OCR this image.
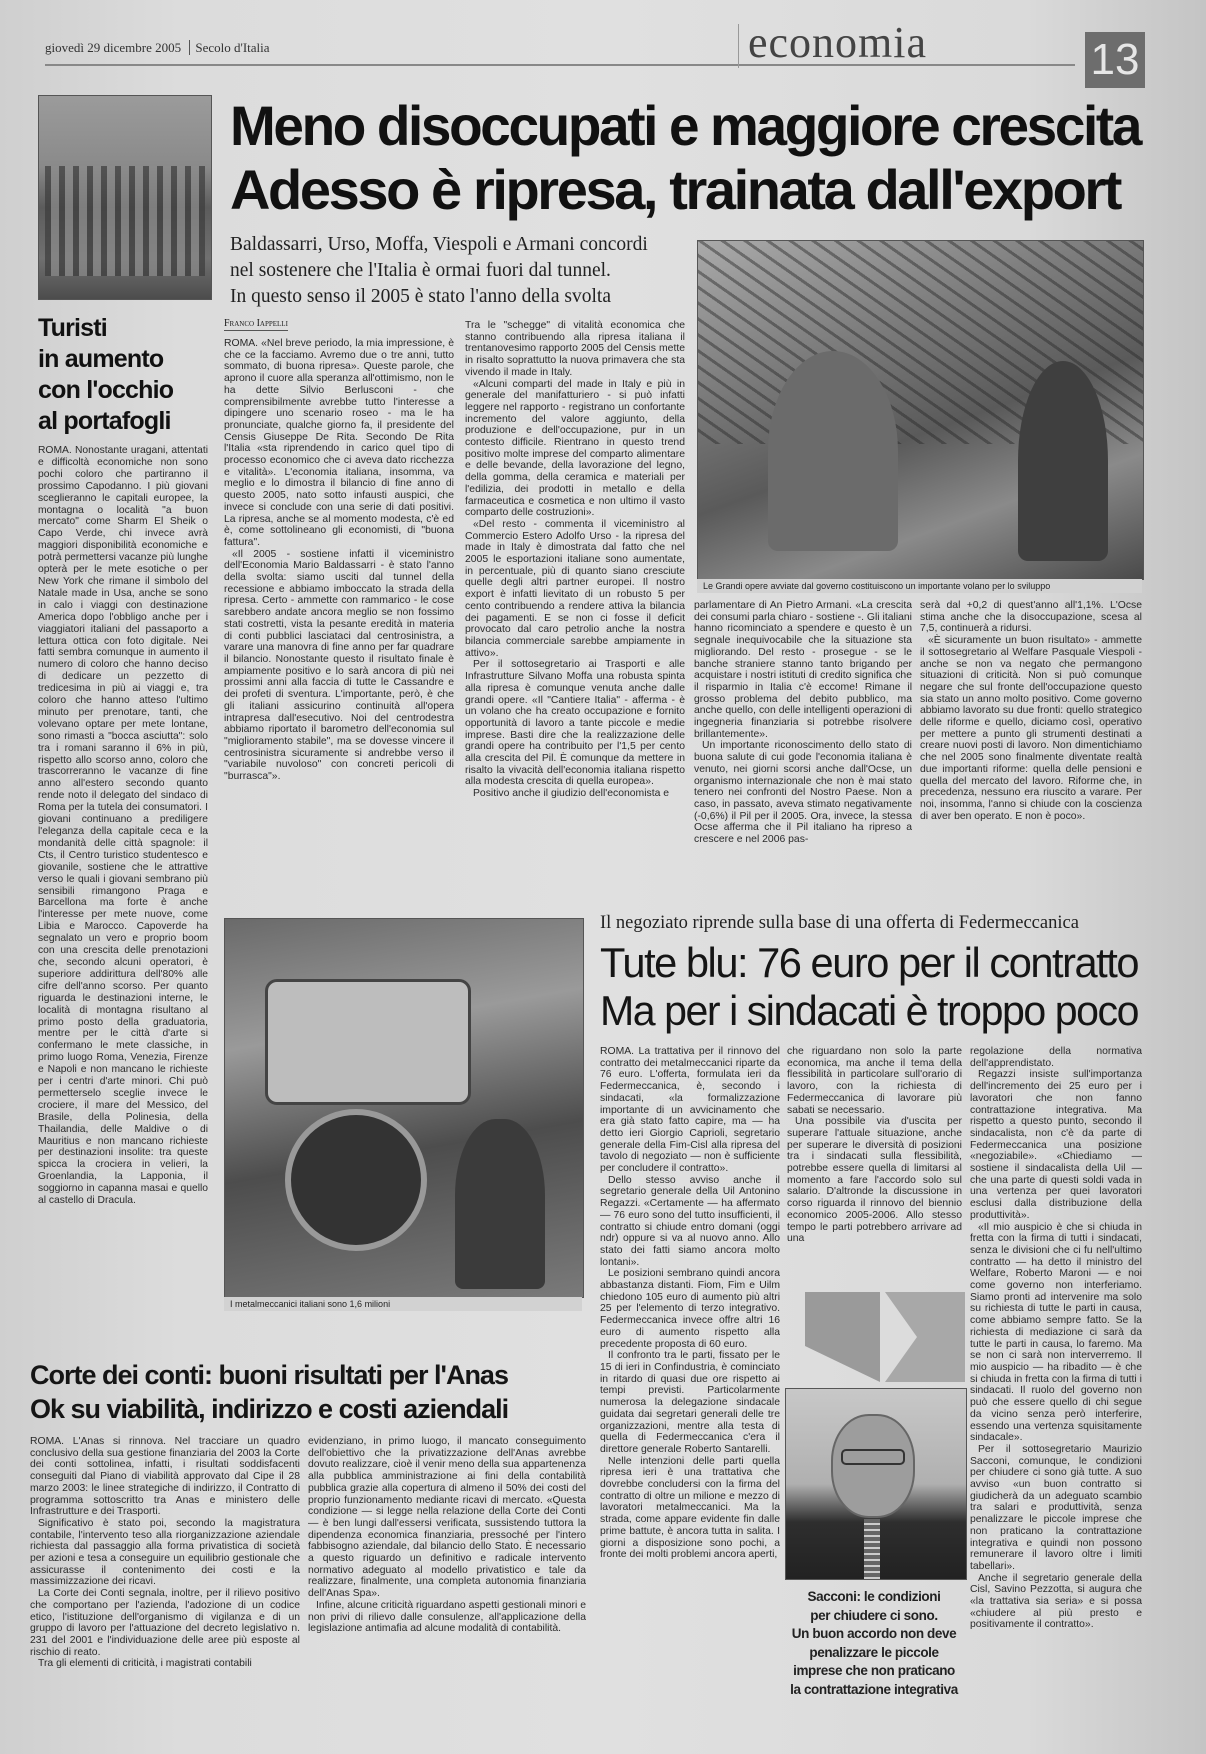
giovedì 29 dicembre 2005 Secolo d'Italia	economia	13
Meno disoccupati e maggiore crescita
Adesso è ripresa, trainata dall'export
Baldassarri, Urso, Moffa, Viespoli e Armani concordi
nel sostenere che l'Italia è ormai fuori dal tunnel.
In questo senso il 2005 è stato l'anno della svolta
Le Grandi opere avviate dal governo costituiscono un importante volano per lo sviluppo
Turisti
in aumento
con l'occhio
al portafogli

ROMA. Nonostante uragani, attentati e difficoltà economiche non sono pochi coloro che partiranno il prossimo Capodanno. I più giovani sceglieranno le capitali europee, la montagna o località "a buon mercato" come Sharm El Sheik o Capo Verde, chi invece avrà maggiori disponibilità economiche e potrà permettersi vacanze più lunghe opterà per le mete esotiche o per New York che rimane il simbolo del Natale made in Usa, anche se sono in calo i viaggi con destinazione America dopo l'obbligo anche per i viaggiatori italiani del passaporto a lettura ottica con foto digitale. Nei fatti sembra comunque in aumento il numero di coloro che hanno deciso di dedicare un pezzetto di tredicesima in più ai viaggi e, tra coloro che hanno atteso l'ultimo minuto per prenotare, tanti, che volevano optare per mete lontane, sono rimasti a "bocca asciutta": solo tra i romani saranno il 6% in più, rispetto allo scorso anno, coloro che trascorreranno le vacanze di fine anno all'estero secondo quanto rende noto il delegato del sindaco di Roma per la tutela dei consumatori. I giovani continuano a prediligere l'eleganza della capitale ceca e la mondanità delle città spagnole: il Cts, il Centro turistico studentesco e giovanile, sostiene che le attrattive verso le quali i giovani sembrano più sensibili rimangono Praga e Barcellona ma forte è anche l'interesse per mete nuove, come Libia e Marocco. Capoverde ha segnalato un vero e proprio boom con una crescita delle prenotazioni che, secondo alcuni operatori, è superiore addirittura dell'80% alle cifre dell'anno scorso. Per quanto riguarda le destinazioni interne, le località di montagna risultano al primo posto della graduatoria, mentre per le città d'arte si confermano le mete classiche, in primo luogo Roma, Venezia, Firenze e Napoli e non mancano le richieste per i centri d'arte minori. Chi può permetterselo sceglie invece le crociere, il mare del Messico, del Brasile, della Polinesia, della Thailandia, delle Maldive o di Mauritius e non mancano richieste per destinazioni insolite: tra queste spicca la crociera in velieri, la Groenlandia, la Lapponia, il soggiorno in capanna masai e quello al castello di Dracula.

Franco Iappelli

ROMA. «Nel breve periodo, la mia impressione, è che ce la facciamo. Avremo due o tre anni, tutto sommato, di buona ripresa». Queste parole, che aprono il cuore alla speranza all'ottimismo, non le ha dette Silvio Berlusconi - che comprensibilmente avrebbe tutto l'interesse a dipingere uno scenario roseo - ma le ha pronunciate, qualche giorno fa, il presidente del Censis Giuseppe De Rita. Secondo De Rita l'Italia «sta riprendendo in carico quel tipo di processo economico che ci aveva dato ricchezza e vitalità». L'economia italiana, insomma, va meglio e lo dimostra il bilancio di fine anno di questo 2005, nato sotto infausti auspici, che invece si conclude con una serie di dati positivi. La ripresa, anche se al momento modesta, c'è ed è, come sottolineano gli economisti, di "buona fattura".

«Il 2005 - sostiene infatti il viceministro dell'Economia Mario Baldassarri - è stato l'anno della svolta: siamo usciti dal tunnel della recessione e abbiamo imboccato la strada della ripresa. Certo - ammette con rammarico - le cose sarebbero andate ancora meglio se non fossimo stati costretti, vista la pesante eredità in materia di conti pubblici lasciataci dal centrosinistra, a varare una manovra di fine anno per far quadrare il bilancio. Nonostante questo il risultato finale è ampiamente positivo e lo sarà ancora di più nei prossimi anni alla faccia di tutte le Cassandre e dei profeti di sventura. L'importante, però, è che gli italiani assicurino continuità all'opera intrapresa dall'esecutivo. Noi del centrodestra abbiamo riportato il barometro dell'economia sul "miglioramento stabile", ma se dovesse vincere il centrosinistra sicuramente si andrebbe verso il "variabile nuvoloso" con concreti pericoli di "burrasca"».

Tra le "schegge" di vitalità economica che stanno contribuendo alla ripresa italiana il trentanovesimo rapporto 2005 del Censis mette in risalto soprattutto la nuova primavera che sta vivendo il made in Italy.

«Alcuni comparti del made in Italy e più in generale del manifatturiero - si può infatti leggere nel rapporto - registrano un confortante incremento del valore aggiunto, della produzione e dell'occupazione, pur in un contesto difficile. Rientrano in questo trend positivo molte imprese del comparto alimentare e delle bevande, della lavorazione del legno, della gomma, della ceramica e materiali per l'edilizia, dei prodotti in metallo e della farmaceutica e cosmetica e non ultimo il vasto comparto delle costruzioni».

«Del resto - commenta il viceministro al Commercio Estero Adolfo Urso - la ripresa del made in Italy è dimostrata dal fatto che nel 2005 le esportazioni italiane sono aumentate, in percentuale, più di quanto siano cresciute quelle degli altri partner europei. Il nostro export è infatti lievitato di un robusto 5 per cento contribuendo a rendere attiva la bilancia dei pagamenti. E se non ci fosse il deficit provocato dal caro petrolio anche la nostra bilancia commerciale sarebbe ampiamente in attivo».

Per il sottosegretario ai Trasporti e alle Infrastrutture Silvano Moffa una robusta spinta alla ripresa è comunque venuta anche dalle grandi opere. «Il "Cantiere Italia" - afferma - è un volano che ha creato occupazione e fornito opportunità di lavoro a tante piccole e medie imprese. Basti dire che la realizzazione delle grandi opere ha contribuito per l'1,5 per cento alla crescita del Pil. È comunque da mettere in risalto la vivacità dell'economia italiana rispetto alla modesta crescita di quella europea».

Positivo anche il giudizio dell'economista e

parlamentare di An Pietro Armani. «La crescita dei consumi parla chiaro - sostiene -. Gli italiani hanno ricominciato a spendere e questo è un segnale inequivocabile che la situazione sta migliorando. Del resto - prosegue - se le banche straniere stanno tanto brigando per acquistare i nostri istituti di credito significa che il risparmio in Italia c'è eccome! Rimane il grosso problema del debito pubblico, ma anche quello, con delle intelligenti operazioni di ingegneria finanziaria si potrebbe risolvere brillantemente».

Un importante riconoscimento dello stato di buona salute di cui gode l'economia italiana è venuto, nei giorni scorsi anche dall'Ocse, un organismo internazionale che non è mai stato tenero nei confronti del Nostro Paese. Non a caso, in passato, aveva stimato negativamente (-0,6%) il Pil per il 2005. Ora, invece, la stessa Ocse afferma che il Pil italiano ha ripreso a crescere e nel 2006 pas-

serà dal +0,2 di quest'anno all'1,1%. L'Ocse stima anche che la disoccupazione, scesa al 7,5, continuerà a ridursi.

«È sicuramente un buon risultato» - ammette il sottosegretario al Welfare Pasquale Viespoli - anche se non va negato che permangono situazioni di criticità. Non si può comunque negare che sul fronte dell'occupazione questo sia stato un anno molto positivo. Come governo abbiamo lavorato su due fronti: quello strategico delle riforme e quello, diciamo così, operativo per mettere a punto gli strumenti destinati a creare nuovi posti di lavoro. Non dimentichiamo che nel 2005 sono finalmente diventate realtà due importanti riforme: quella delle pensioni e quella del mercato del lavoro. Riforme che, in precedenza, nessuno era riuscito a varare. Per noi, insomma, l'anno si chiude con la coscienza di aver ben operato. E non è poco».

I metalmeccanici italiani sono 1,6 milioni
Il negoziato riprende sulla base di una offerta di Federmeccanica
Tute blu: 76 euro per il contratto
Ma per i sindacati è troppo poco

ROMA. La trattativa per il rinnovo del contratto dei metalmeccanici riparte da 76 euro. L'offerta, formulata ieri da Federmeccanica, è, secondo i sindacati, «la formalizzazione importante di un avvicinamento che era già stato fatto capire, ma — ha detto ieri Giorgio Caprioli, segretario generale della Fim-Cisl alla ripresa del tavolo di negoziato — non è sufficiente per concludere il contratto».

Dello stesso avviso anche il segretario generale della Uil Antonino Regazzi. «Certamente — ha affermato — 76 euro sono del tutto insufficienti, il contratto si chiude entro domani (oggi ndr) oppure si va al nuovo anno. Allo stato dei fatti siamo ancora molto lontani».

Le posizioni sembrano quindi ancora abbastanza distanti. Fiom, Fim e Uilm chiedono 105 euro di aumento più altri 25 per l'elemento di terzo integrativo. Federmeccanica invece offre altri 16 euro di aumento rispetto alla precedente proposta di 60 euro.

Il confronto tra le parti, fissato per le 15 di ieri in Confindustria, è cominciato in ritardo di quasi due ore rispetto ai tempi previsti. Particolarmente numerosa la delegazione sindacale guidata dai segretari generali delle tre organizzazioni, mentre alla testa di quella di Federmeccanica c'era il direttore generale Roberto Santarelli.

Nelle intenzioni delle parti quella ripresa ieri è una trattativa che dovrebbe concludersi con la firma del contratto di oltre un milione e mezzo di lavoratori metalmeccanici. Ma la strada, come appare evidente fin dalle prime battute, è ancora tutta in salita. I giorni a disposizione sono pochi, a fronte dei molti problemi ancora aperti,

che riguardano non solo la parte economica, ma anche il tema della flessibilità in particolare sull'orario di lavoro, con la richiesta di Federmeccanica di lavorare più sabati se necessario.

Una possibile via d'uscita per superare l'attuale situazione, anche per superare le diversità di posizioni tra i sindacati sulla flessibilità, potrebbe essere quella di limitarsi al momento a fare l'accordo solo sul salario. D'altronde la discussione in corso riguarda il rinnovo del biennio economico 2005-2006. Allo stesso tempo le parti potrebbero arrivare ad una

regolazione della normativa dell'apprendistato.

Regazzi insiste sull'importanza dell'incremento dei 25 euro per i lavoratori che non fanno contrattazione integrativa. Ma rispetto a questo punto, secondo il sindacalista, non c'è da parte di Federmeccanica una posizione «negoziabile». «Chiediamo — sostiene il sindacalista della Uil — che una parte di questi soldi vada in una vertenza per quei lavoratori esclusi dalla distribuzione della produttività».

«Il mio auspicio è che si chiuda in fretta con la firma di tutti i sindacati, senza le divisioni che ci fu nell'ultimo contratto — ha detto il ministro del Welfare, Roberto Maroni — e noi come governo non interferiamo. Siamo pronti ad intervenire ma solo su richiesta di tutte le parti in causa, come abbiamo sempre fatto. Se la richiesta di mediazione ci sarà da tutte le parti in causa, lo faremo. Ma se non ci sarà non interverremo. Il mio auspicio — ha ribadito — è che si chiuda in fretta con la firma di tutti i sindacati. Il ruolo del governo non può che essere quello di chi segue da vicino senza però interferire, essendo una vertenza squisitamente sindacale».

Per il sottosegretario Maurizio Sacconi, comunque, le condizioni per chiudere ci sono già tutte. A suo avviso «un buon contratto si giudicherà da un adeguato scambio tra salari e produttività, senza penalizzare le piccole imprese che non praticano la contrattazione integrativa e quindi non possono remunerare il lavoro oltre i limiti tabellari».

Anche il segretario generale della Cisl, Savino Pezzotta, si augura che «la trattativa sia seria» e si possa «chiudere al più presto e positivamente il contratto».

Sacconi: le condizioni
per chiudere ci sono.
Un buon accordo non deve
penalizzare le piccole
imprese che non praticano
la contrattazione integrativa
Corte dei conti: buoni risultati per l'Anas
Ok su viabilità, indirizzo e costi aziendali

ROMA. L'Anas si rinnova. Nel tracciare un quadro conclusivo della sua gestione finanziaria del 2003 la Corte dei conti sottolinea, infatti, i risultati soddisfacenti conseguiti dal Piano di viabilità approvato dal Cipe il 28 marzo 2003: le linee strategiche di indirizzo, il Contratto di programma sottoscritto tra Anas e ministero delle Infrastrutture e dei Trasporti.

Significativo è stato poi, secondo la magistratura contabile, l'intervento teso alla riorganizzazione aziendale richiesta dal passaggio alla forma privatistica di società per azioni e tesa a conseguire un equilibrio gestionale che assicurasse il contenimento dei costi e la massimizzazione dei ricavi.

La Corte dei Conti segnala, inoltre, per il rilievo positivo che comportano per l'azienda, l'adozione di un codice etico, l'istituzione dell'organismo di vigilanza e di un gruppo di lavoro per l'attuazione del decreto legislativo n. 231 del 2001 e l'individuazione delle aree più esposte al rischio di reato.

Tra gli elementi di criticità, i magistrati contabili

evidenziano, in primo luogo, il mancato conseguimento dell'obiettivo che la privatizzazione dell'Anas avrebbe dovuto realizzare, cioè il venir meno della sua appartenenza alla pubblica amministrazione ai fini della contabilità pubblica grazie alla copertura di almeno il 50% dei costi del proprio funzionamento mediante ricavi di mercato. «Questa condizione — si legge nella relazione della Corte dei Conti — è ben lungi dall'essersi verificata, sussistendo tuttora la dipendenza economica finanziaria, pressoché per l'intero fabbisogno aziendale, dal bilancio dello Stato. È necessario a questo riguardo un definitivo e radicale intervento normativo adeguato al modello privatistico e tale da realizzare, finalmente, una completa autonomia finanziaria dell'Anas Spa».

Infine, alcune criticità riguardano aspetti gestionali minori e non privi di rilievo dalle consulenze, all'applicazione della legislazione antimafia ad alcune modalità di contabilità.
